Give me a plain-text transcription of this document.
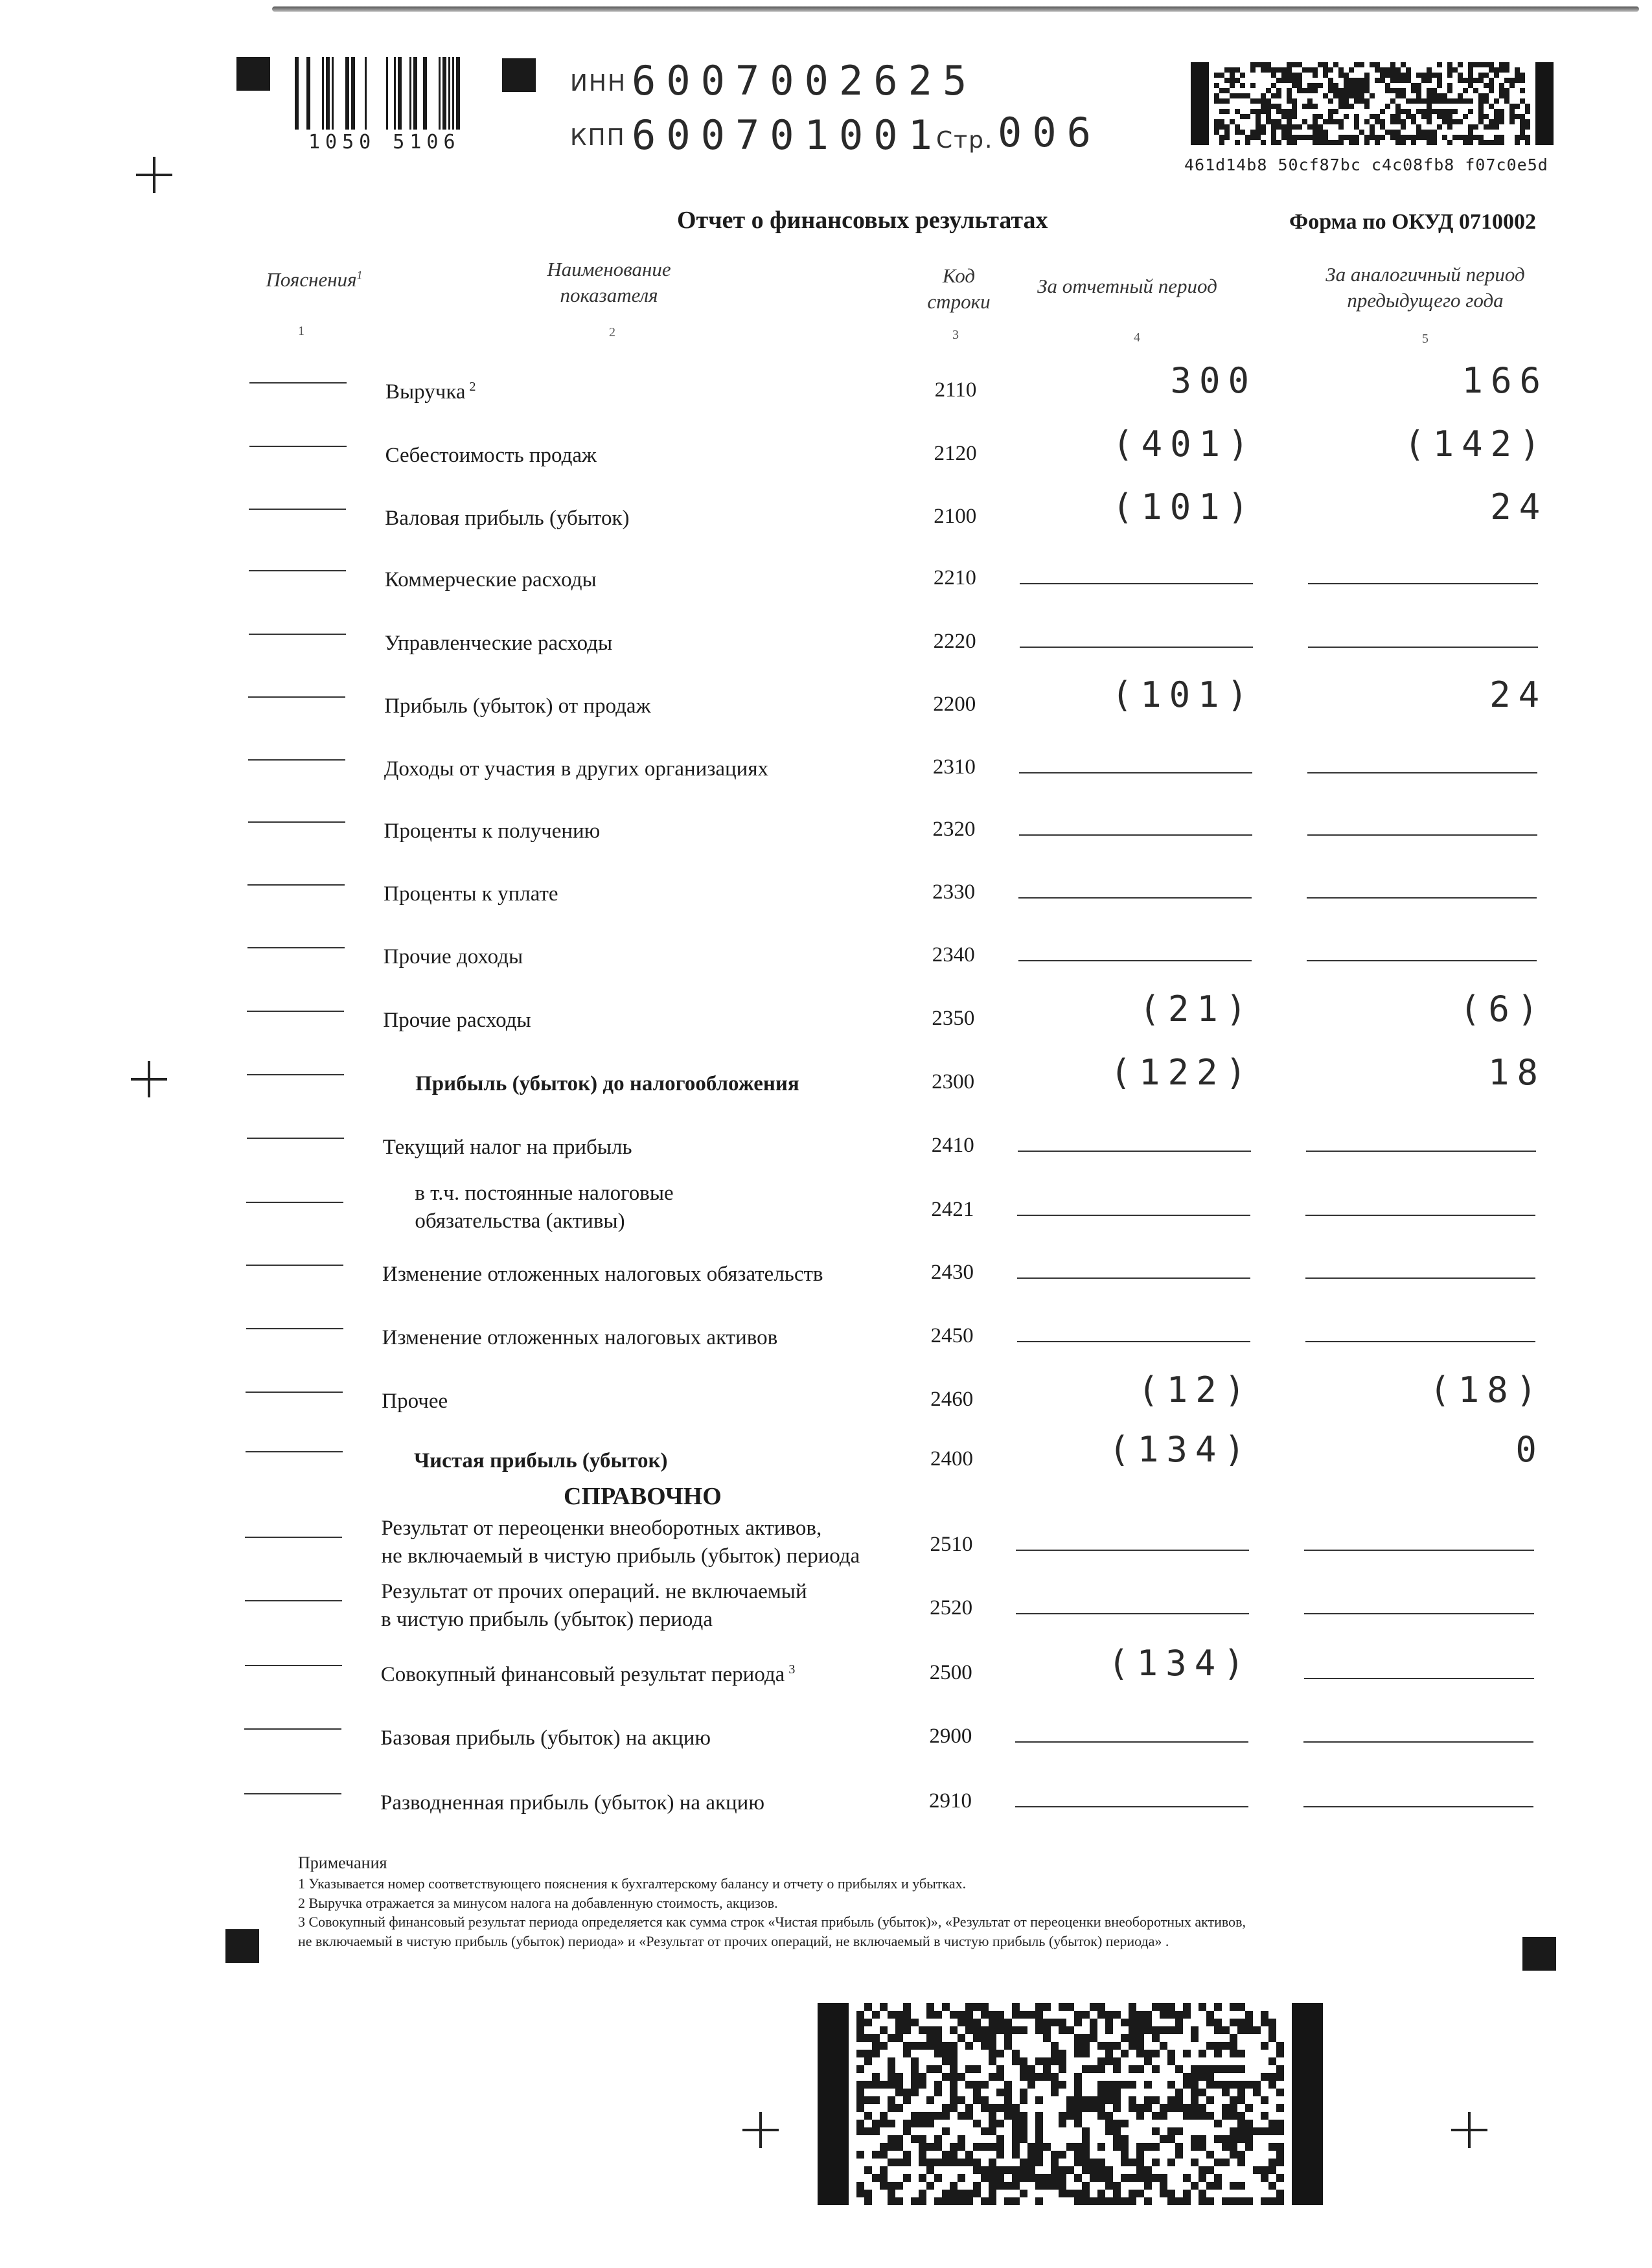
1050 5106
ИНН 6007002625
КПП 600701001
Стр. 006
461d14b8 50cf87bc c4c08fb8 f07c0e5d
Отчет о финансовых результатах	Форма по ОКУД 0710002
Пояснения$^1$	Наименование
показателя
Код
строки
За отчетный период
За аналогичный период
предыдущего года
1	2	3	4	5
Выручка $^2$	2110	300	166
Себестоимость продаж	2120	(401)	(142)
Валовая прибыль (убыток)	2100	(101)	24
Коммерческие расходы	2210
Управленческие расходы	2220
Прибыль (убыток) от продаж	2200	(101)	24
Доходы от участия в других организациях	2310
Проценты к получению	2320
Проценты к уплате	2330
Прочие доходы	2340
Прочие расходы	2350	(21)	(6)
Прибыль (убыток) до налогообложения	2300	(122)	18
Текущий налог на прибыль	2410
в т.ч. постоянные налоговые
обязательства (активы)	2421
Изменение отложенных налоговых обязательств	2430
Изменение отложенных налоговых активов	2450
Прочее	2460	(12)	(18)
Чистая прибыль (убыток)	2400	(134)	0
Результат от переоценки внеоборотных активов,
не включаемый в чистую прибыль (убыток) периода	2510
Результат от прочих операций. не включаемый
в чистую прибыль (убыток) периода	2520
Совокупный финансовый результат периода $^3$	2500	(134)
Базовая прибыль (убыток) на акцию	2900
Разводненная прибыль (убыток) на акцию	2910
СПРАВОЧНО
Примечания
1 Указывается номер соответствующего пояснения к бухгалтерскому балансу и отчету о прибылях и убытках.
2 Выручка отражается за минусом налога на добавленную стоимость, акцизов.
3 Совокупный финансовый результат периода определяется как сумма строк «Чистая прибыль (убыток)», «Результат от переоценки внеоборотных активов,
не включаемый в чистую прибыль (убыток) периода» и «Результат от прочих операций, не включаемый в чистую прибыль (убыток) периода» .
